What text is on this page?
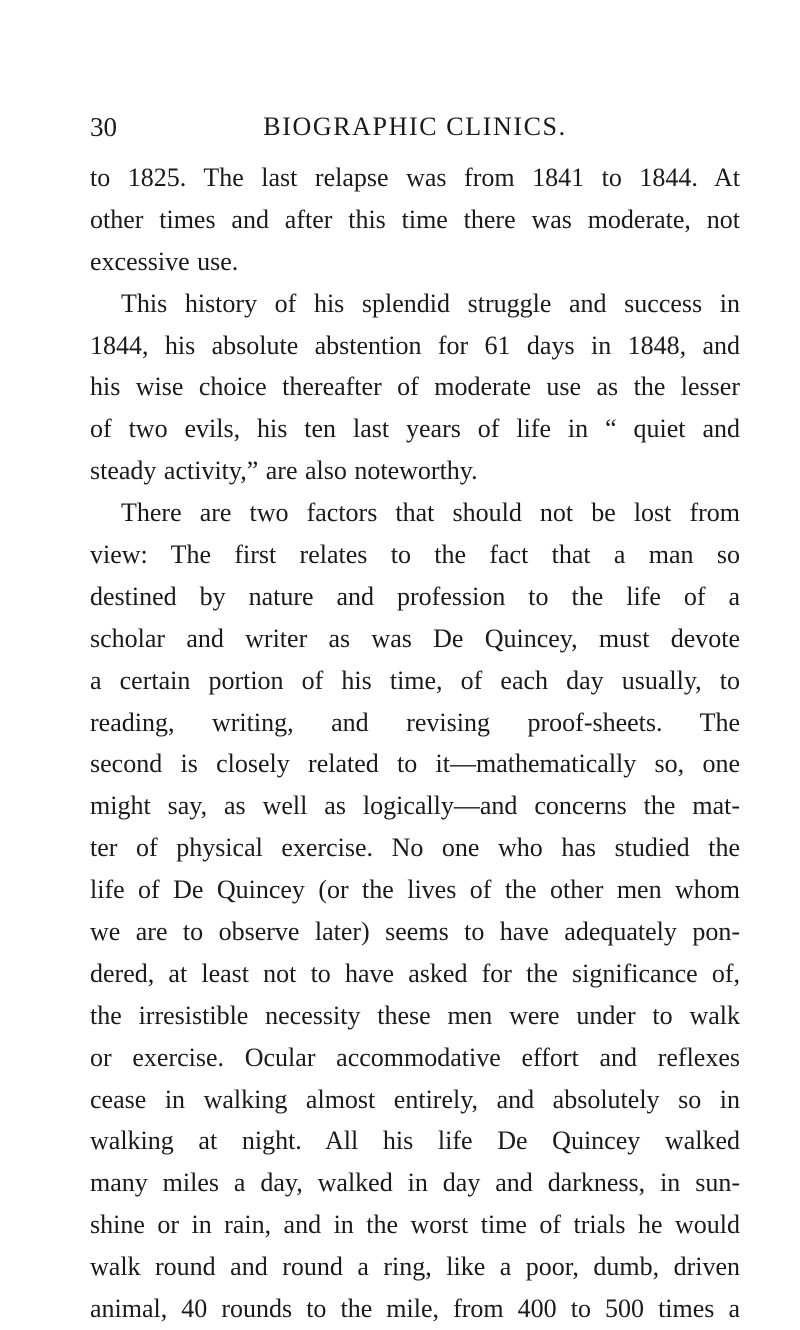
30	BIOGRAPHIC CLINICS.
to 1825. The last relapse was from 1841 to 1844. At
other times and after this time there was moderate, not
excessive use.
This history of his splendid struggle and success in
1844, his absolute abstention for 61 days in 1848, and
his wise choice thereafter of moderate use as the lesser
of two evils, his ten last years of life in “ quiet and
steady activity,” are also noteworthy.
There are two factors that should not be lost from
view: The first relates to the fact that a man so
destined by nature and profession to the life of a
scholar and writer as was De Quincey, must devote
a certain portion of his time, of each day usually, to
reading, writing, and revising proof-sheets. The
second is closely related to it—mathematically so, one
might say, as well as logically—and concerns the mat-
ter of physical exercise. No one who has studied the
life of De Quincey (or the lives of the other men whom
we are to observe later) seems to have adequately pon-
dered, at least not to have asked for the significance of,
the irresistible necessity these men were under to walk
or exercise. Ocular accommodative effort and reflexes
cease in walking almost entirely, and absolutely so in
walking at night. All his life De Quincey walked
many miles a day, walked in day and darkness, in sun-
shine or in rain, and in the worst time of trials he would
walk round and round a ring, like a poor, dumb, driven
animal, 40 rounds to the mile, from 400 to 500 times a
